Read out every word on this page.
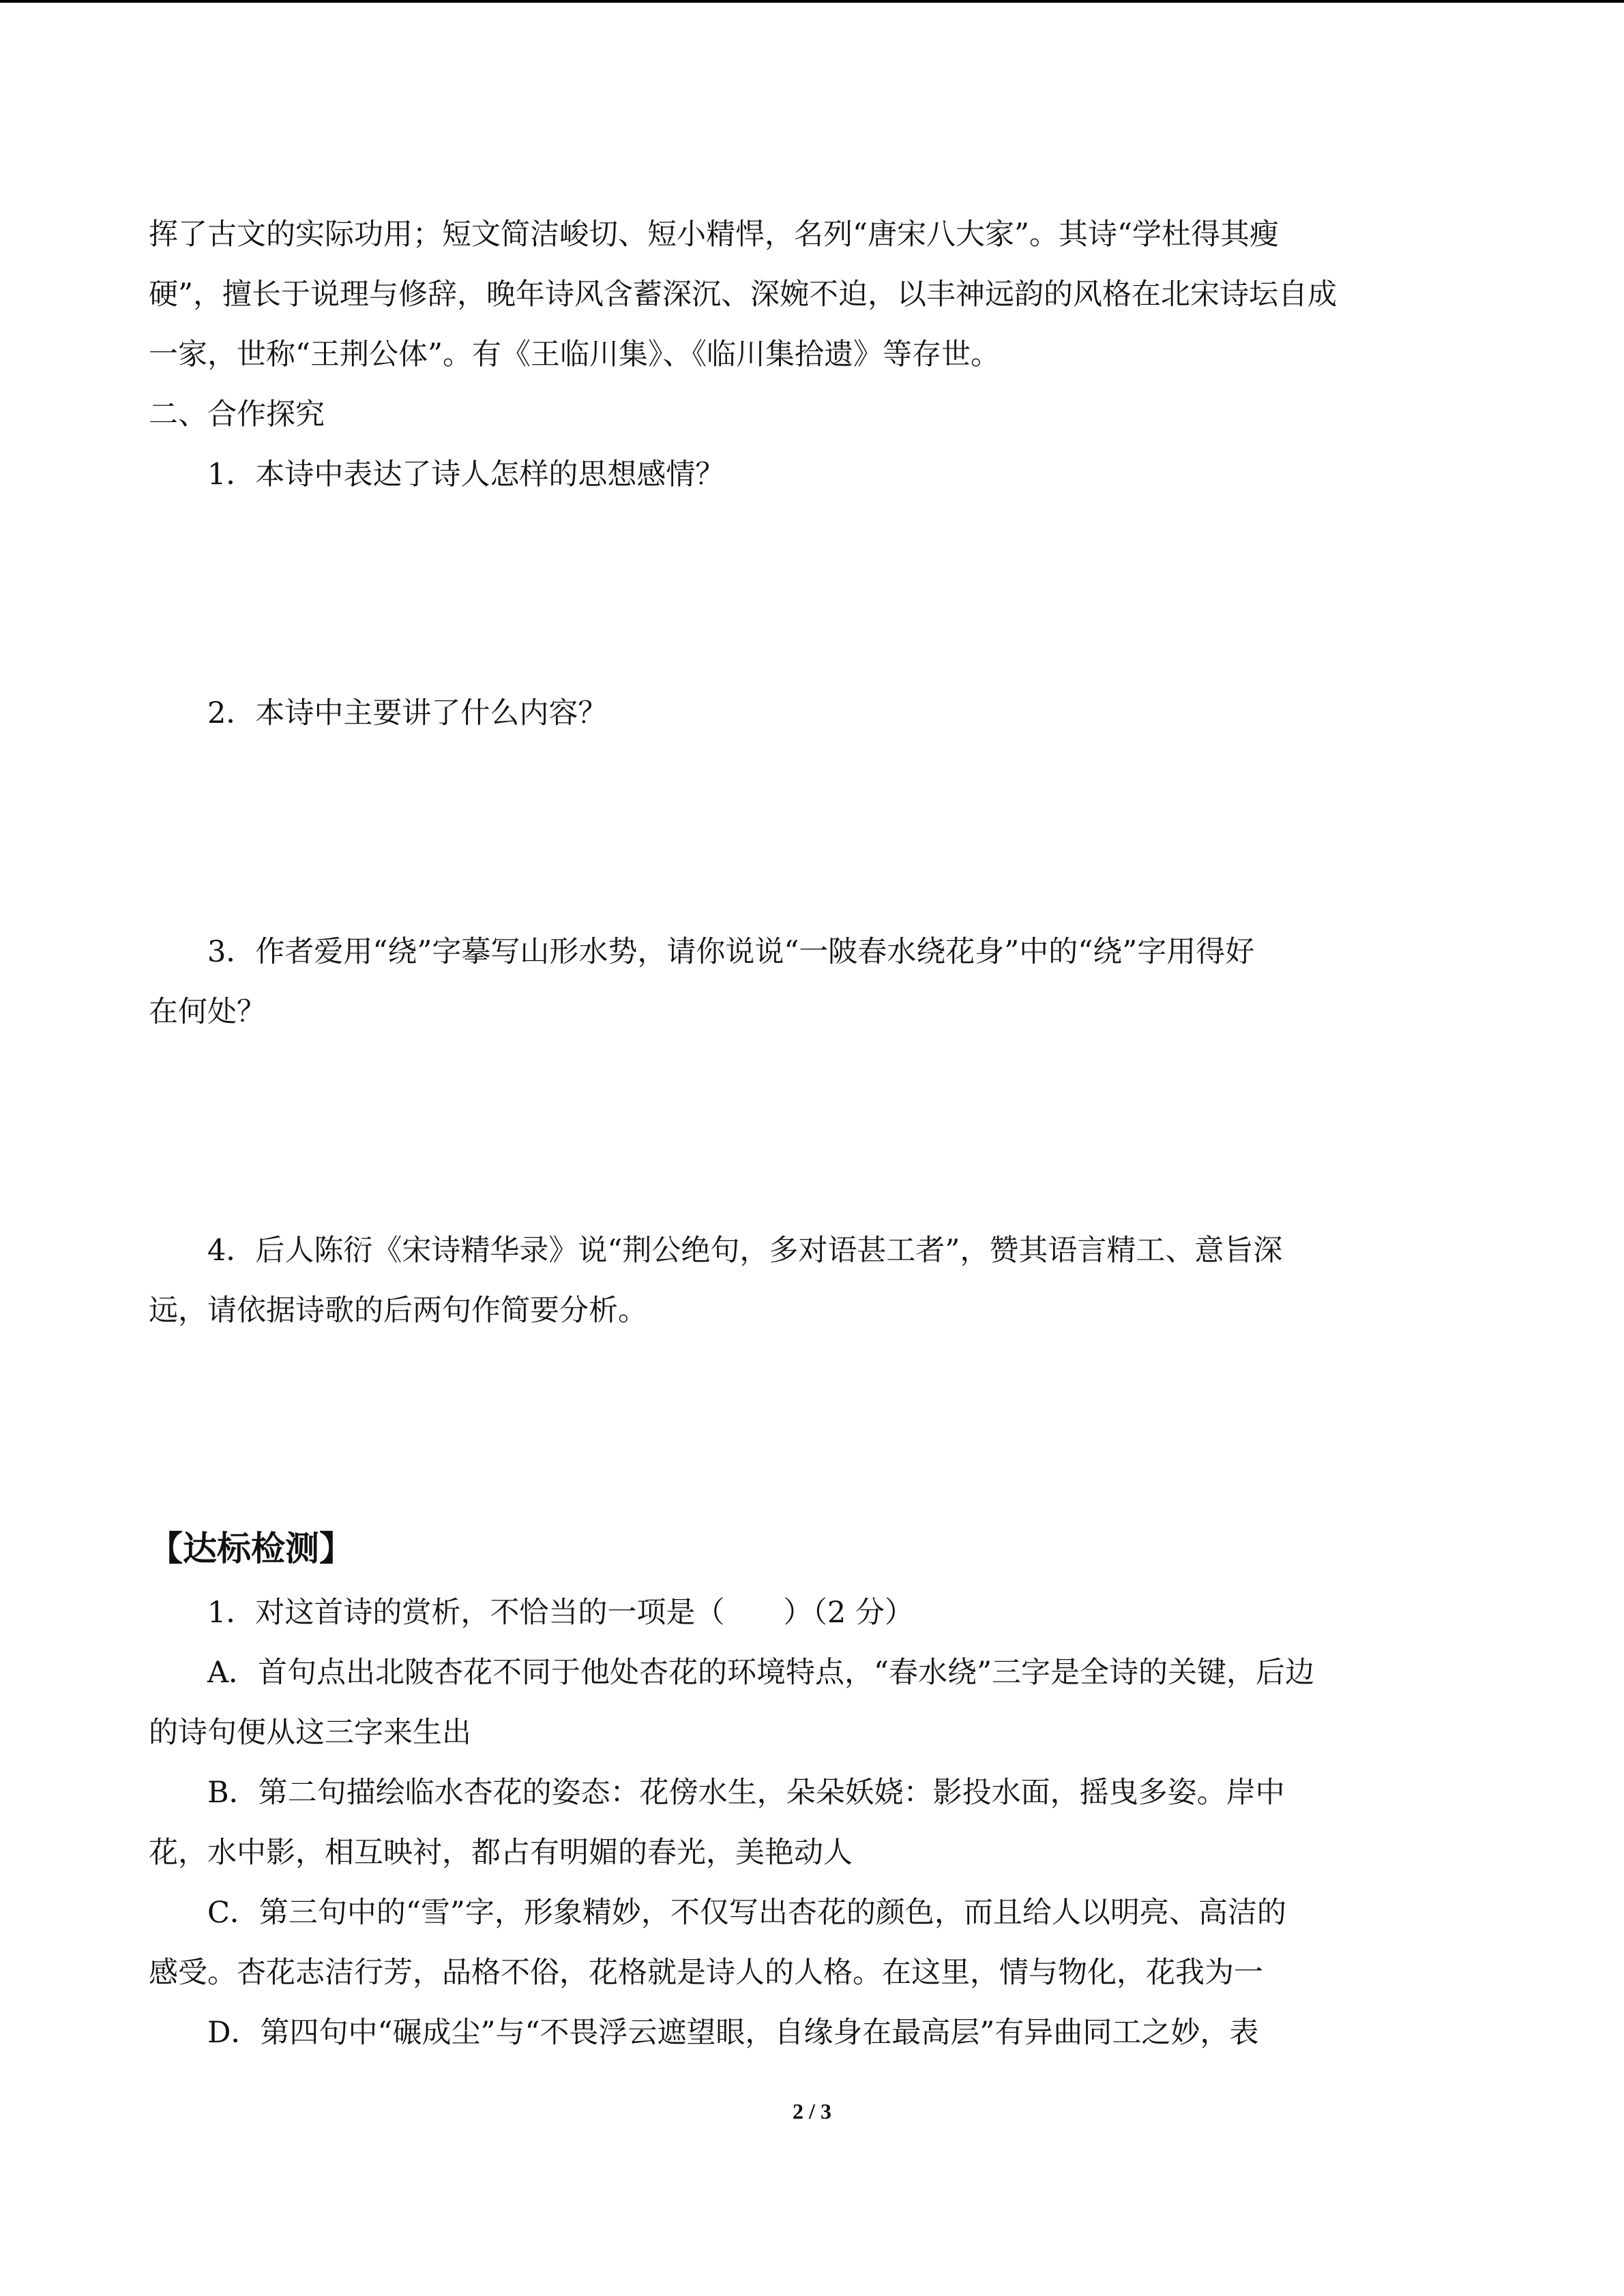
挥了古文的实际功用；短文简洁峻切、短小精悍，名列“唐宋八大家”。其诗“学杜得其瘦
硬”，擅长于说理与修辞，晚年诗风含蓄深沉、深婉不迫，以丰神远韵的风格在北宋诗坛自成
一家，世称“王荆公体”。有《王临川集》、《临川集拾遗》等存世。
二、合作探究
1．本诗中表达了诗人怎样的思想感情？
2．本诗中主要讲了什么内容？
3．作者爱用“绕”字摹写山形水势，请你说说“一陂春水绕花身”中的“绕”字用得好
在何处？
4．后人陈衍《宋诗精华录》说“荆公绝句，多对语甚工者”，赞其语言精工、意旨深
远，请依据诗歌的后两句作简要分析。
【达标检测】
1．对这首诗的赏析，不恰当的一项是（　　）（2 分）
A．首句点出北陂杏花不同于他处杏花的环境特点，“春水绕”三字是全诗的关键，后边
的诗句便从这三字来生出
B．第二句描绘临水杏花的姿态：花傍水生，朵朵妖娆：影投水面，摇曳多姿。岸中
花，水中影，相互映衬，都占有明媚的春光，美艳动人
C．第三句中的“雪”字，形象精妙，不仅写出杏花的颜色，而且给人以明亮、高洁的
感受。杏花志洁行芳，品格不俗，花格就是诗人的人格。在这里，情与物化，花我为一
D．第四句中“碾成尘”与“不畏浮云遮望眼，自缘身在最高层”有异曲同工之妙，表
2 / 3
